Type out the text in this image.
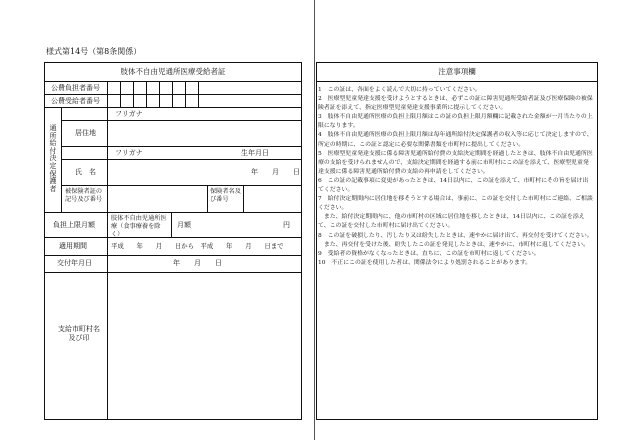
様式第14号（第8条関係）
肢体不自由児通所医療受給者証
公費負担者番号
公費受給者番号
通所給付決定保護者
フリガナ
居住地
フリガナ	生年月日
氏　名	年　　月　　日
被保険者証の記号及び番号
保険者名及び番号
負担上限月額
肢体不自由児通所医療（食事療養を除く）
月額	円
適用期間	平成　　年　　月　　日から　平成　　年　　月　　日まで
交付年月日	年　　月　　日
支給市町村名及び印
注意事項欄

1　この証は、各面をよく読んで大切に持っていてください。

2　医療型児童発達支援を受けようとするときは、必ずこの証に障害児通所受給者証及び医療保険の被保険者証を添えて、指定医療型児童発達支援事業所に提示してください。

3　肢体不自由児通所医療の負担上限月額はこの証の負担上限月額欄に記載された金額が一月当たりの上限になります。

4　肢体不自由児通所医療の負担上限月額は毎年通所給付決定保護者の収入等に応じて決定しますので、所定の時期に、この証と認定に必要な関係書類を市町村に提出してください。

5　医療型児童発達支援に係る障害児通所給付費の支給決定期間を経過したときは、肢体不自由児通所医療の支給を受けられませんので、支給決定期間を経過する前に市町村にこの証を添えて、医療型児童発達支援に係る障害児通所給付費の支給の再申請をしてください。

6　この証の記載事項に変更があったときは、14日以内に、この証を添えて、市町村にその旨を届け出てください。

7　給付決定期間内に居住地を移そうとする場合は、事前に、この証を交付した市町村にご連絡、ご相談ください。

また、給付決定期間内に、他の市町村の区域に居住地を移したときは、14日以内に、この証を添えて、この証を交付した市町村に届け出てください。

8　この証を破損したり、汚したり又は紛失したときは、速やかに届け出て、再交付を受けてください。

また、再交付を受けた後、紛失したこの証を発見したときは、速やかに、市町村に返してください。

9　受給者の資格がなくなったときは、直ちに、この証を市町村に返してください。

10　不正にこの証を使用した者は、関係法令により処罰されることがあります。
